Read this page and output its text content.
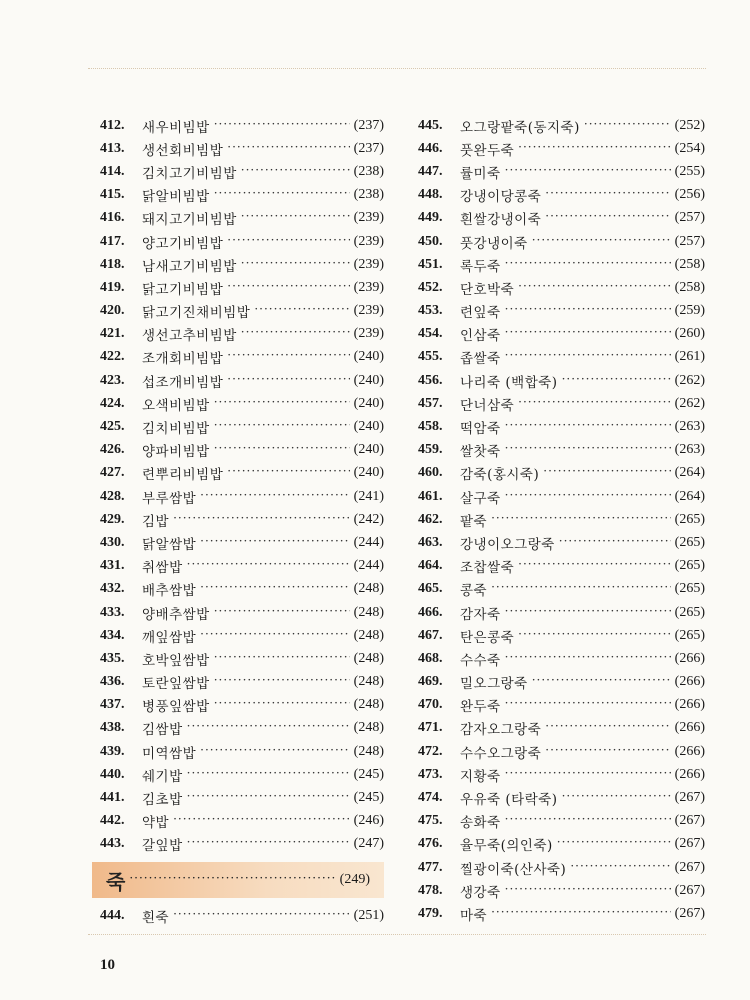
412.	새우비빔밥 ·····	(237)
413.	생선회비빔밥 ·····	(237)
414.	김치고기비빔밥 ·····	(238)
415.	닭알비빔밥 ·····	(238)
416.	돼지고기비빔밥 ·····	(239)
417.	양고기비빔밥 ·····	(239)
418.	남새고기비빔밥 ·····	(239)
419.	닭고기비빔밥 ·····	(239)
420.	닭고기진채비빔밥 ·····	(239)
421.	생선고추비빔밥 ·····	(239)
422.	조개회비빔밥 ·····	(240)
423.	섭조개비빔밥 ·····	(240)
424.	오색비빔밥 ·····	(240)
425.	김치비빔밥 ·····	(240)
426.	양파비빔밥 ·····	(240)
427.	련뿌리비빔밥 ·····	(240)
428.	부루쌈밥 ·····	(241)
429.	김밥 ·····	(242)
430.	닭알쌈밥 ·····	(244)
431.	취쌈밥 ·····	(244)
432.	배추쌈밥 ·····	(248)
433.	양배추쌈밥 ·····	(248)
434.	깨잎쌈밥 ·····	(248)
435.	호박잎쌈밥 ·····	(248)
436.	토란잎쌈밥 ·····	(248)
437.	병풍잎쌈밥 ·····	(248)
438.	김쌈밥 ·····	(248)
439.	미역쌈밥 ·····	(248)
440.	쉐기밥 ·····	(245)
441.	김초밥 ·····	(245)
442.	약밥 ·····	(246)
443.	갈잎밥 ·····	(247)
죽 ·····	(249)
444.	흰죽 ·····	(251)
445.	오그랑팥죽(동지죽) ·····	(252)
446.	풋완두죽 ·····	(254)
447.	률미죽 ·····	(255)
448.	강냉이당콩죽 ·····	(256)
449.	흰쌀강냉이죽 ·····	(257)
450.	풋강냉이죽 ·····	(257)
451.	록두죽 ·····	(258)
452.	단호박죽 ·····	(258)
453.	련잎죽 ·····	(259)
454.	인삼죽 ·····	(260)
455.	좁쌀죽 ·····	(261)
456.	나리죽 (백합죽) ·····	(262)
457.	단너삼죽 ·····	(262)
458.	떡암죽 ·····	(263)
459.	쌀찻죽 ·····	(263)
460.	감죽(홍시죽) ·····	(264)
461.	살구죽 ·····	(264)
462.	팥죽 ·····	(265)
463.	강냉이오그랑죽 ·····	(265)
464.	조찹쌀죽 ·····	(265)
465.	콩죽 ·····	(265)
466.	감자죽 ·····	(265)
467.	탄은콩죽 ·····	(265)
468.	수수죽 ·····	(266)
469.	밀오그랑죽 ·····	(266)
470.	완두죽 ·····	(266)
471.	감자오그랑죽 ·····	(266)
472.	수수오그랑죽 ·····	(266)
473.	지황죽 ·····	(266)
474.	우유죽 (타락죽) ·····	(267)
475.	송화죽 ·····	(267)
476.	율무죽(의인죽) ·····	(267)
477.	찔광이죽(산사죽) ·····	(267)
478.	생강죽 ·····	(267)
479.	마죽 ·····	(267)
10
